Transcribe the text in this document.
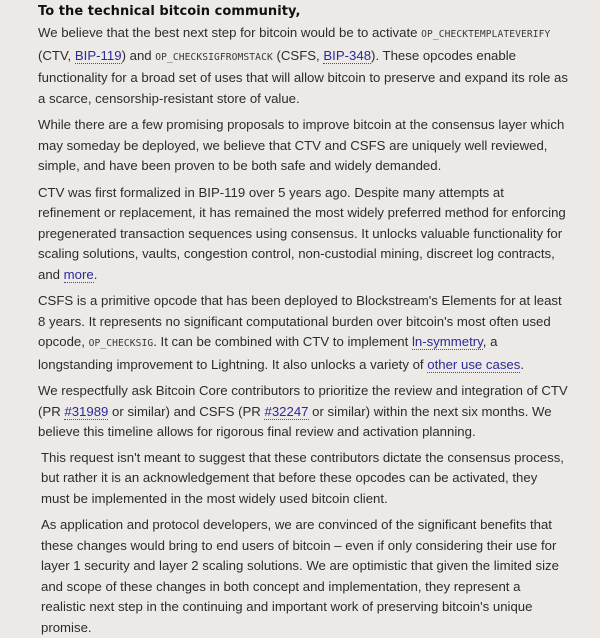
To the technical bitcoin community,

We believe that the best next step for bitcoin would be to activate OP_CHECKTEMPLATEVERIFY (CTV, BIP-119) and OP_CHECKSIGFROMSTACK (CSFS, BIP-348). These opcodes enable functionality for a broad set of uses that will allow bitcoin to preserve and expand its role as a scarce, censorship-resistant store of value.

While there are a few promising proposals to improve bitcoin at the consensus layer which may someday be deployed, we believe that CTV and CSFS are uniquely well reviewed, simple, and have been proven to be both safe and widely demanded.

CTV was first formalized in BIP-119 over 5 years ago. Despite many attempts at refinement or replacement, it has remained the most widely preferred method for enforcing pregenerated transaction sequences using consensus. It unlocks valuable functionality for scaling solutions, vaults, congestion control, non-custodial mining, discreet log contracts, and more.

CSFS is a primitive opcode that has been deployed to Blockstream's Elements for at least 8 years. It represents no significant computational burden over bitcoin's most often used opcode, OP_CHECKSIG. It can be combined with CTV to implement ln-symmetry, a longstanding improvement to Lightning. It also unlocks a variety of other use cases.

We respectfully ask Bitcoin Core contributors to prioritize the review and integration of CTV (PR #31989 or similar) and CSFS (PR #32247 or similar) within the next six months. We believe this timeline allows for rigorous final review and activation planning.

This request isn't meant to suggest that these contributors dictate the consensus process, but rather it is an acknowledgement that before these opcodes can be activated, they must be implemented in the most widely used bitcoin client.

As application and protocol developers, we are convinced of the significant benefits that these changes would bring to end users of bitcoin – even if only considering their use for layer 1 security and layer 2 scaling solutions. We are optimistic that given the limited size and scope of these changes in both concept and implementation, they represent a realistic next step in the continuing and important work of preserving bitcoin's unique promise.
